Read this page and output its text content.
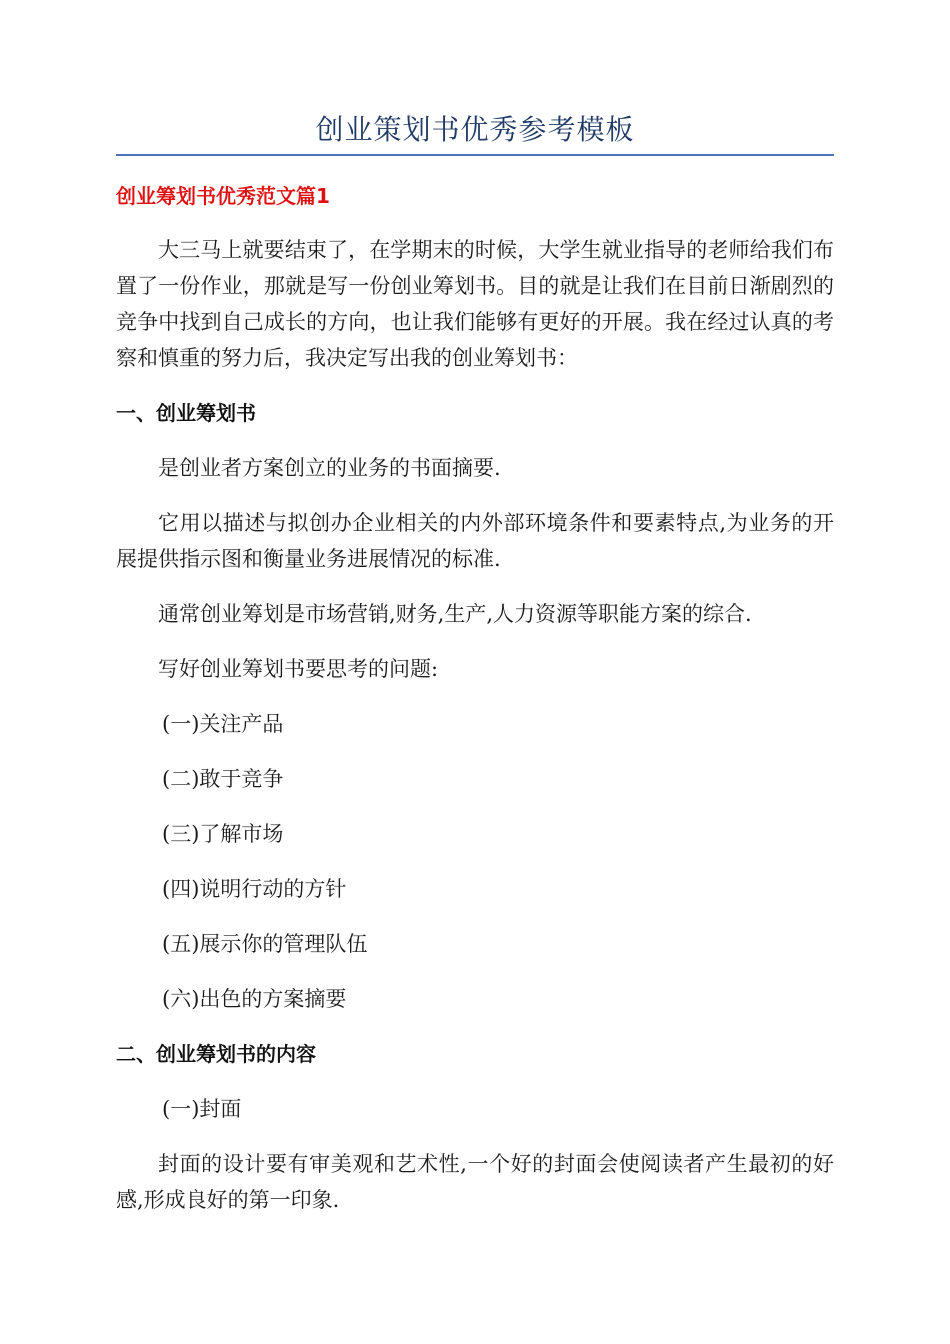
创业策划书优秀参考模板
创业筹划书优秀范文篇1

大三马上就要结束了，在学期末的时候，大学生就业指导的老师给我们布置了一份作业，那就是写一份创业筹划书。目的就是让我们在目前日渐剧烈的竞争中找到自己成长的方向，也让我们能够有更好的开展。我在经过认真的考察和慎重的努力后，我决定写出我的创业筹划书：

一、创业筹划书

是创业者方案创立的业务的书面摘要.

它用以描述与拟创办企业相关的内外部环境条件和要素特点,为业务的开展提供指示图和衡量业务进展情况的标准.

通常创业筹划是市场营销,财务,生产,人力资源等职能方案的综合.

写好创业筹划书要思考的问题:

(一)关注产品

(二)敢于竞争

(三)了解市场

(四)说明行动的方针

(五)展示你的管理队伍

(六)出色的方案摘要

二、创业筹划书的内容

(一)封面

封面的设计要有审美观和艺术性,一个好的封面会使阅读者产生最初的好感,形成良好的第一印象.
